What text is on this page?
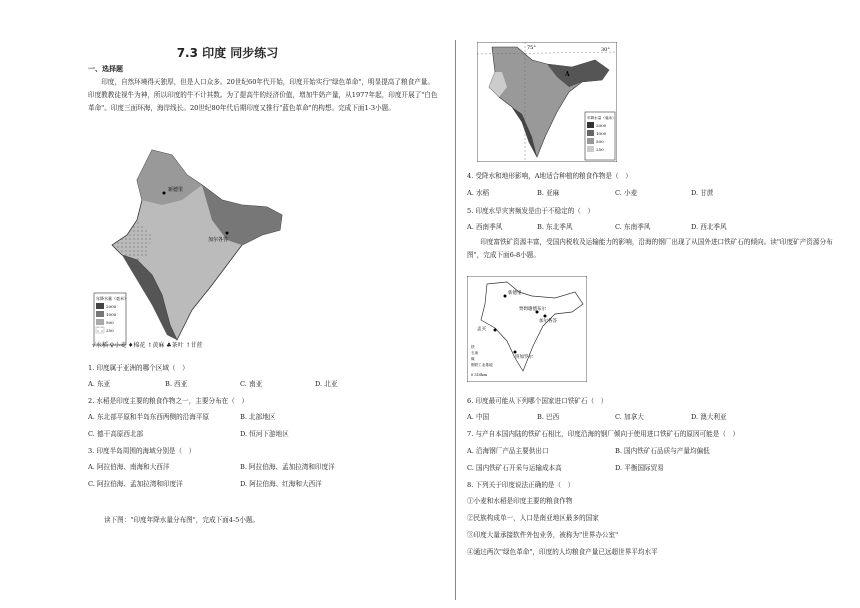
7.3 印度 同步练习
一、选择题

印度，自然环境得天独厚，但是人口众多。20世纪60年代开始，印度开始实行"绿色革命"，明显提高了粮食产量。印度教教徒视牛为神，所以印度的牛不计其数。为了提高牛的经济价值，增加牛奶产量，从1977年起，印度开展了"白色革命"。印度三面环海，海岸线长。20世纪80年代后期印度又推行"蓝色革命"的构想。完成下面1-3小题。

新德里
加尔各答
年降水量（毫米）
2000
1000
500
250
√水稻 ♀小麦 ♦棉花 ↑黄麻 ♣茶叶 ↑甘蔗
1. 印度属于亚洲的哪个区域（　）
A. 东亚	B. 西亚	C. 南亚	D. 北亚
2. 水稻是印度主要的粮食作物之一，主要分布在（　）
A. 东北部平原和半岛东西两侧的沿海平原	B. 北部地区
C. 德干高原西北部	D. 恒河下游地区
3. 印度半岛周围的海域分别是（　）
A. 阿拉伯海、南海和大西洋	B. 阿拉伯海、孟加拉湾和印度洋
C. 阿拉伯海、孟加拉湾和印度洋	D. 阿拉伯海、红海和大西洋
读下图："印度年降水量分布图"，完成下面4-5小题。
30°
75°
A
年降水量（毫米）
2000
1000
500
250
4. 受降水和地形影响，A地适合种植的粮食作物是（　）
A. 水稻	B. 亚麻	C. 小麦	D. 甘蔗
5. 印度水旱灾害频发是由于不稳定的（　）
A. 西南季风	B. 东北季风	C. 东南季风	D. 西北季风

印度富铁矿资源丰富，受国内税收及运输能力的影响，沿海的钢厂出现了从国外进口铁矿石的倾向。读"印度矿产资源分布图"，完成下面6-8小题。

新德里
贾姆谢德布尔
加尔各答
孟买
班加罗尔
铁
石油
煤
钢铁工业基地
0 510km
6. 印度最可能从下列哪个国家进口铁矿石（　）
A. 中国	B. 巴西	C. 加拿大	D. 澳大利亚
7. 与产自本国内陆的铁矿石相比，印度沿海的钢厂倾向于使用进口铁矿石的原因可能是（　）
A. 沿海钢厂产品主要供出口	B. 国内铁矿石品质与产量均偏低
C. 国内铁矿石开采与运输成本高	D. 平衡国际贸易
8. 下列关于印度说法正确的是（　）
①小麦和水稻是印度主要的粮食作物
②民族构成单一，人口是南亚地区最多的国家
③印度大量承接软件外包业务，被称为"世界办公室"
④通过两次"绿色革命"，印度的人均粮食产量已远超世界平均水平
